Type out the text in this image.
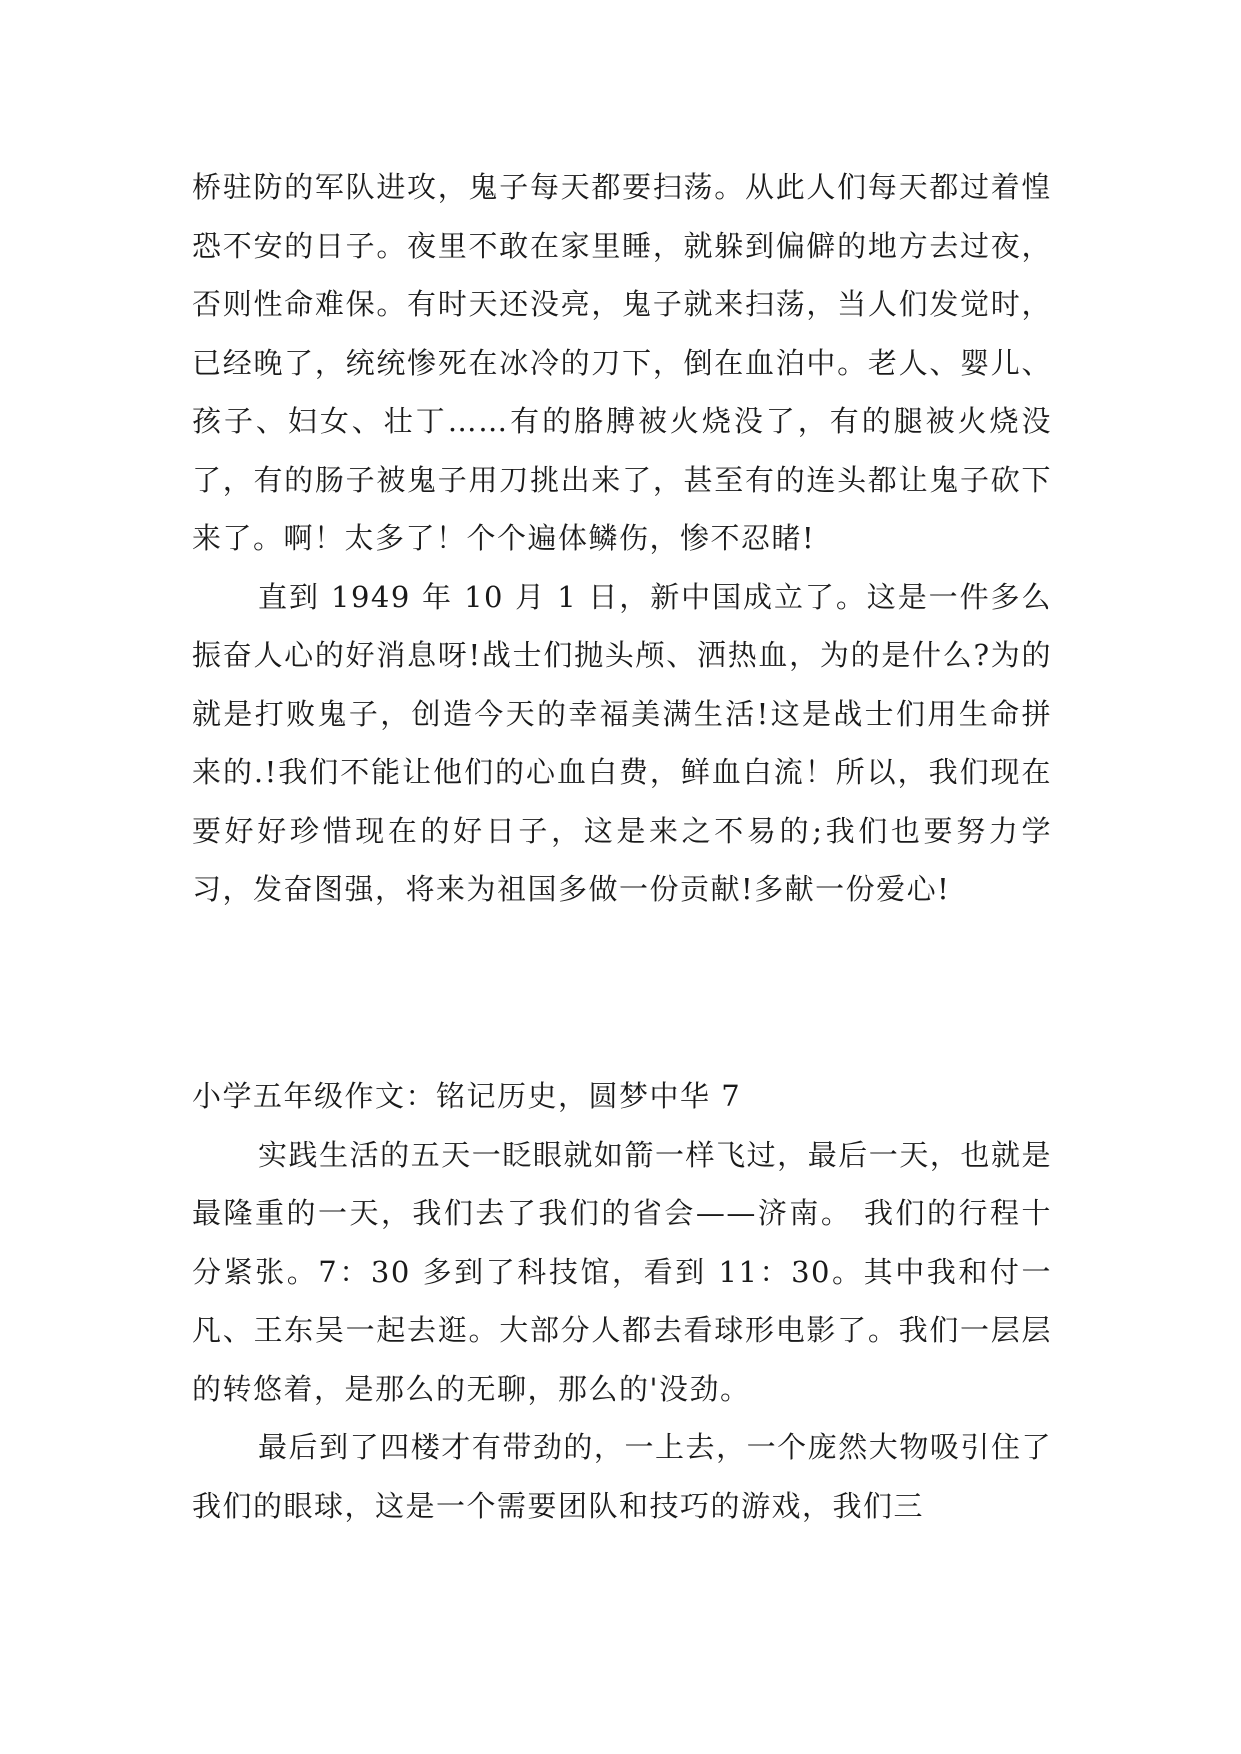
桥驻防的军队进攻，鬼子每天都要扫荡。从此人们每天都过着惶恐不安的日子。夜里不敢在家里睡，就躲到偏僻的地方去过夜，否则性命难保。有时天还没亮，鬼子就来扫荡，当人们发觉时，已经晚了，统统惨死在冰冷的刀下，倒在血泊中。老人、婴儿、孩子、妇女、壮丁……有的胳膊被火烧没了，有的腿被火烧没了，有的肠子被鬼子用刀挑出来了，甚至有的连头都让鬼子砍下来了。啊！太多了！个个遍体鳞伤，惨不忍睹!

直到 1949 年 10 月 1 日，新中国成立了。这是一件多么振奋人心的好消息呀!战士们抛头颅、洒热血，为的是什么?为的就是打败鬼子，创造今天的幸福美满生活!这是战士们用生命拼来的.!我们不能让他们的心血白费，鲜血白流！所以，我们现在要好好珍惜现在的好日子，这是来之不易的;我们也要努力学习，发奋图强，将来为祖国多做一份贡献!多献一份爱心!

小学五年级作文：铭记历史，圆梦中华 7

实践生活的五天一眨眼就如箭一样飞过，最后一天，也就是最隆重的一天，我们去了我们的省会——济南。 我们的行程十分紧张。7：30 多到了科技馆，看到 11：30。其中我和付一凡、王东吴一起去逛。大部分人都去看球形电影了。我们一层层的转悠着，是那么的无聊，那么的'没劲。

最后到了四楼才有带劲的，一上去，一个庞然大物吸引住了我们的眼球，这是一个需要团队和技巧的游戏，我们三
